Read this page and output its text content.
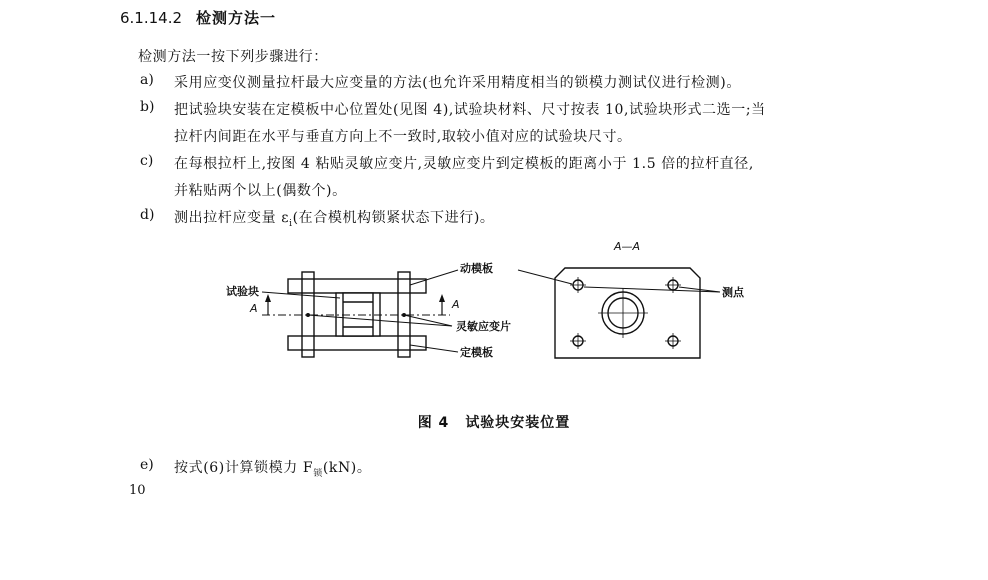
6.1.14.2 检测方法一
检测方法一按下列步骤进行：
a) 采用应变仪测量拉杆最大应变量的方法(也允许采用精度相当的锁模力测试仪进行检测)。
b) 把试验块安装在定模板中心位置处(见图 4),试验块材料、尺寸按表 10,试验块形式二选一;当
拉杆内间距在水平与垂直方向上不一致时,取较小值对应的试验块尺寸。
c) 在每根拉杆上,按图 4 粘贴灵敏应变片,灵敏应变片到定模板的距离小于 1.5 倍的拉杆直径,
并粘贴两个以上(偶数个)。
d) 测出拉杆应变量 $\varepsilon_i$(在合模机构锁紧状态下进行)。
试验块
A	A
灵敏应变片
动模板
定模板
A—A
测点
图 4 试验块安装位置
e) 按式(6)计算锁模力 $F_锁(kN)$。
10
